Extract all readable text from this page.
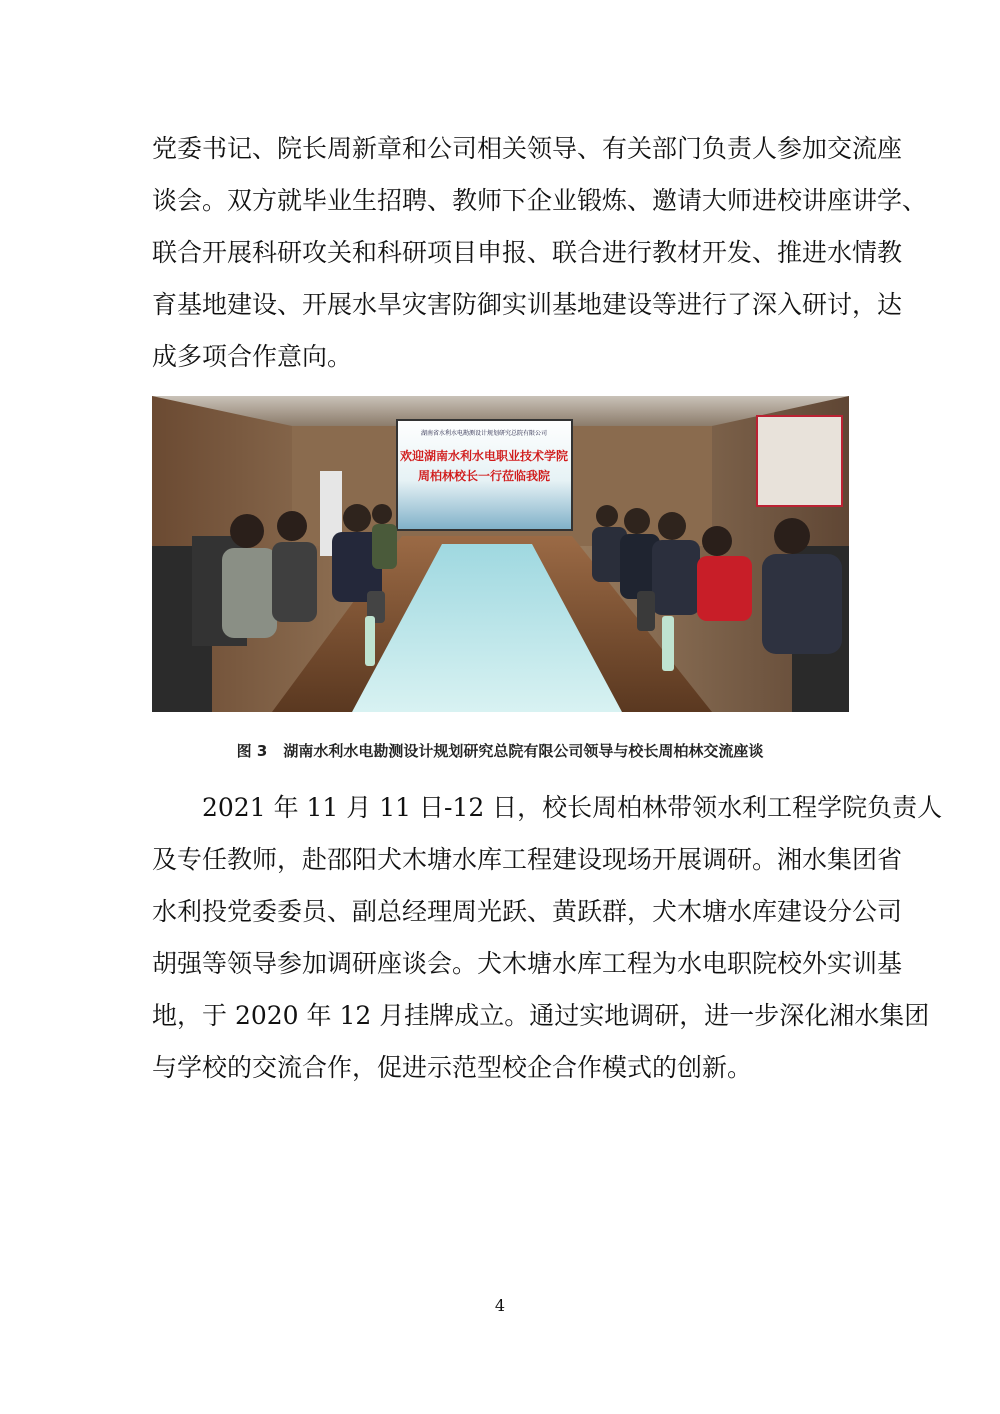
党委书记、院长周新章和公司相关领导、有关部门负责人参加交流座
谈会。双方就毕业生招聘、教师下企业锻炼、邀请大师进校讲座讲学、
联合开展科研攻关和科研项目申报、联合进行教材开发、推进水情教
育基地建设、开展水旱灾害防御实训基地建设等进行了深入研讨，达
成多项合作意向。
湖南省水利水电勘测设计规划研究总院有限公司
欢迎湖南水利水电职业技术学院
周柏林校长一行莅临我院
图 3 湖南水利水电勘测设计规划研究总院有限公司领导与校长周柏林交流座谈
2021 年 11 月 11 日-12 日，校长周柏林带领水利工程学院负责人
及专任教师，赴邵阳犬木塘水库工程建设现场开展调研。湘水集团省
水利投党委委员、副总经理周光跃、黄跃群，犬木塘水库建设分公司
胡强等领导参加调研座谈会。犬木塘水库工程为水电职院校外实训基
地，于 2020 年 12 月挂牌成立。通过实地调研，进一步深化湘水集团
与学校的交流合作，促进示范型校企合作模式的创新。
4
